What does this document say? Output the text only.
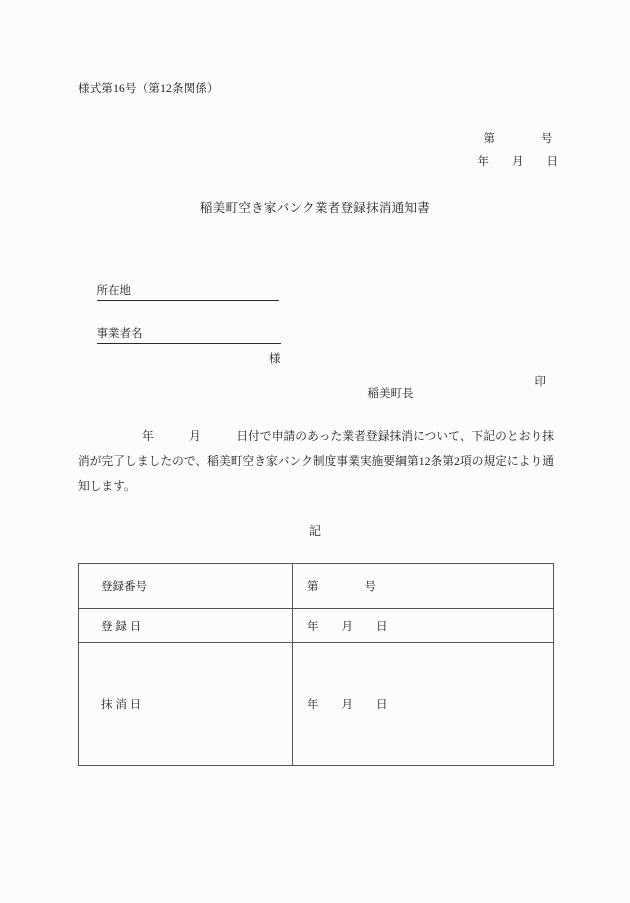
様式第16号（第12条関係）
第　　　　号
年　　月　　日
稲美町空き家バンク業者登録抹消通知書

所在地

事業者名

様

印

稲美町長

年　　　月　　　日付で申請のあった業者登録抹消について、下記のとおり抹消が完了しましたので、稲美町空き家バンク制度事業実施要綱第12条第2項の規定により通知します。
記
登録番号	第　　　　号
登 録 日	年　　月　　日
抹 消 日	年　　月　　日
